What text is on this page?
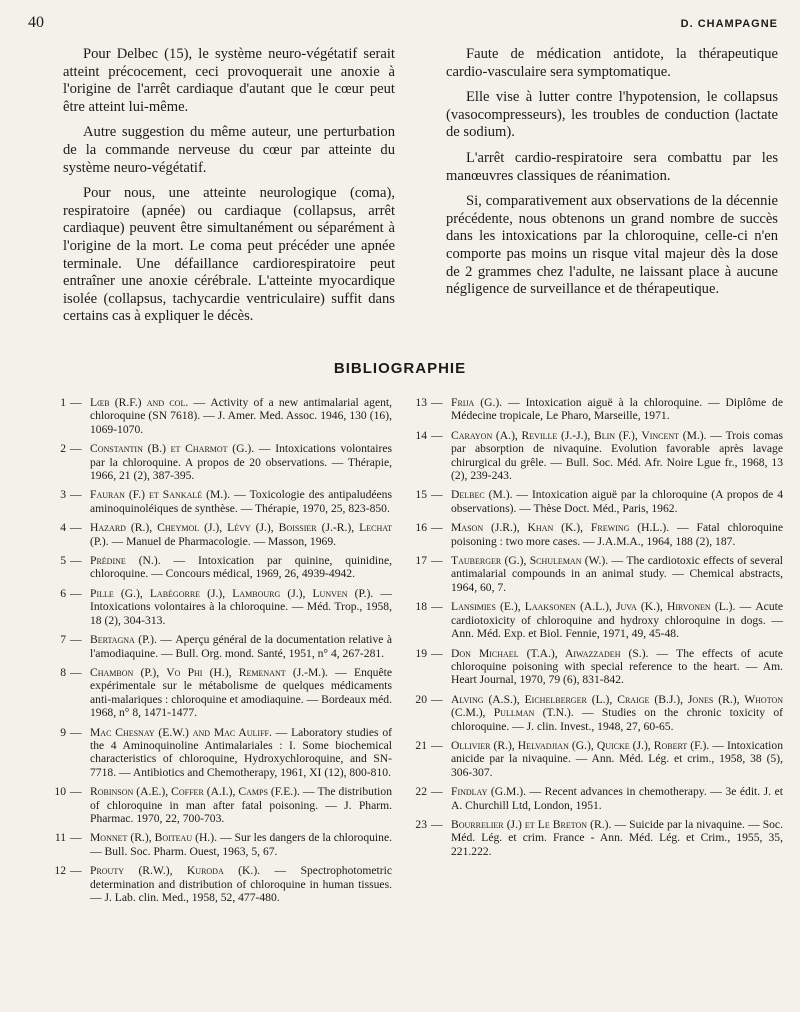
40	D. CHAMPAGNE

Pour Delbec (15), le système neuro-végétatif serait atteint précocement, ceci provoquerait une anoxie à l'origine de l'arrêt cardiaque d'autant que le cœur peut être atteint lui-même.

Autre suggestion du même auteur, une perturbation de la commande nerveuse du cœur par atteinte du système neuro-végétatif.

Pour nous, une atteinte neurologique (coma), respiratoire (apnée) ou cardiaque (collapsus, arrêt cardiaque) peuvent être simultanément ou séparément à l'origine de la mort. Le coma peut précéder une apnée terminale. Une défaillance cardiorespiratoire peut entraîner une anoxie cérébrale. L'atteinte myocardique isolée (collapsus, tachycardie ventriculaire) suffit dans certains cas à expliquer le décès.

Faute de médication antidote, la thérapeutique cardio-vasculaire sera symptomatique.

Elle vise à lutter contre l'hypotension, le collapsus (vasocompresseurs), les troubles de conduction (lactate de sodium).

L'arrêt cardio-respiratoire sera combattu par les manœuvres classiques de réanimation.

Si, comparativement aux observations de la décennie précédente, nous obtenons un grand nombre de succès dans les intoxications par la chloroquine, celle-ci n'en comporte pas moins un risque vital majeur dès la dose de 2 grammes chez l'adulte, ne laissant place à aucune négligence de surveillance et de thérapeutique.

BIBLIOGRAPHIE
1 — Lœb (R.F.) and col. — Activity of a new antimalarial agent, chloroquine (SN 7618). — J. Amer. Med. Assoc. 1946, 130 (16), 1069-1070.
2 — Constantin (B.) et Charmot (G.). — Intoxications volontaires par la chloroquine. A propos de 20 observations. — Thérapie, 1966, 21 (2), 387-395.
3 — Fauran (F.) et Sankalé (M.). — Toxicologie des antipaludéens aminoquinoléiques de synthèse. — Thérapie, 1970, 25, 823-850.
4 — Hazard (R.), Cheymol (J.), Lévy (J.), Boissier (J.-R.), Lechat (P.). — Manuel de Pharmacologie. — Masson, 1969.
5 — Prédine (N.). — Intoxication par quinine, quinidine, chloroquine. — Concours médical, 1969, 26, 4939-4942.
6 — Pille (G.), Labégorre (J.), Lambourg (J.), Lunven (P.). — Intoxications volontaires à la chloroquine. — Méd. Trop., 1958, 18 (2), 304-313.
7 — Bertagna (P.). — Aperçu général de la documentation relative à l'amodiaquine. — Bull. Org. mond. Santé, 1951, n° 4, 267-281.
8 — Chambon (P.), Vo Phi (H.), Remenant (J.-M.). — Enquête expérimentale sur le métabolisme de quelques médicaments anti-malariques : chloroquine et amodiaquine. — Bordeaux méd. 1968, n° 8, 1471-1477.
9 — Mac Chesnay (E.W.) and Mac Auliff. — Laboratory studies of the 4 Aminoquinoline Antimalariales : I. Some biochemical characteristics of chloroquine, Hydroxychloroquine, and SN-7718. — Antibiotics and Chemotherapy, 1961, XI (12), 800-810.
10 — Robinson (A.E.), Coffer (A.I.), Camps (F.E.). — The distribution of chloroquine in man after fatal poisoning. — J. Pharm. Pharmac. 1970, 22, 700-703.
11 — Monnet (R.), Boiteau (H.). — Sur les dangers de la chloroquine. — Bull. Soc. Pharm. Ouest, 1963, 5, 67.
12 — Prouty (R.W.), Kuroda (K.). — Spectrophotometric determination and distribution of chloroquine in human tissues. — J. Lab. clin. Med., 1958, 52, 477-480.
13 — Frija (G.). — Intoxication aiguë à la chloroquine. — Diplôme de Médecine tropicale, Le Pharo, Marseille, 1971.
14 — Carayon (A.), Reville (J.-J.), Blin (F.), Vincent (M.). — Trois comas par absorption de nivaquine. Evolution favorable après lavage chirurgical du grêle. — Bull. Soc. Méd. Afr. Noire Lgue fr., 1968, 13 (2), 239-243.
15 — Delbec (M.). — Intoxication aiguë par la chloroquine (A propos de 4 observations). — Thèse Doct. Méd., Paris, 1962.
16 — Mason (J.R.), Khan (K.), Frewing (H.L.). — Fatal chloroquine poisoning : two more cases. — J.A.M.A., 1964, 188 (2), 187.
17 — Tauberger (G.), Schuleman (W.). — The cardiotoxic effects of several antimalarial compounds in an animal study. — Chemical abstracts, 1964, 60, 7.
18 — Lansimies (E.), Laaksonen (A.L.), Juva (K.), Hirvonen (L.). — Acute cardiotoxicity of chloroquine and hydroxy chloroquine in dogs. — Ann. Méd. Exp. et Biol. Fennie, 1971, 49, 45-48.
19 — Don Michael (T.A.), Aiwazzadeh (S.). — The effects of acute chloroquine poisoning with special reference to the heart. — Am. Heart Journal, 1970, 79 (6), 831-842.
20 — Alving (A.S.), Eichelberger (L.), Craige (B.J.), Jones (R.), Whoton (C.M.), Pullman (T.N.). — Studies on the chronic toxicity of chloroquine. — J. clin. Invest., 1948, 27, 60-65.
21 — Ollivier (R.), Helvadjian (G.), Quicke (J.), Robert (F.). — Intoxication anicide par la nivaquine. — Ann. Méd. Lég. et crim., 1958, 38 (5), 306-307.
22 — Findlay (G.M.). — Recent advances in chemotherapy. — 3e édit. J. et A. Churchill Ltd, London, 1951.
23 — Bourrelier (J.) et Le Breton (R.). — Suicide par la nivaquine. — Soc. Méd. Lég. et crim. France - Ann. Méd. Lég. et Crim., 1955, 35, 221.222.
